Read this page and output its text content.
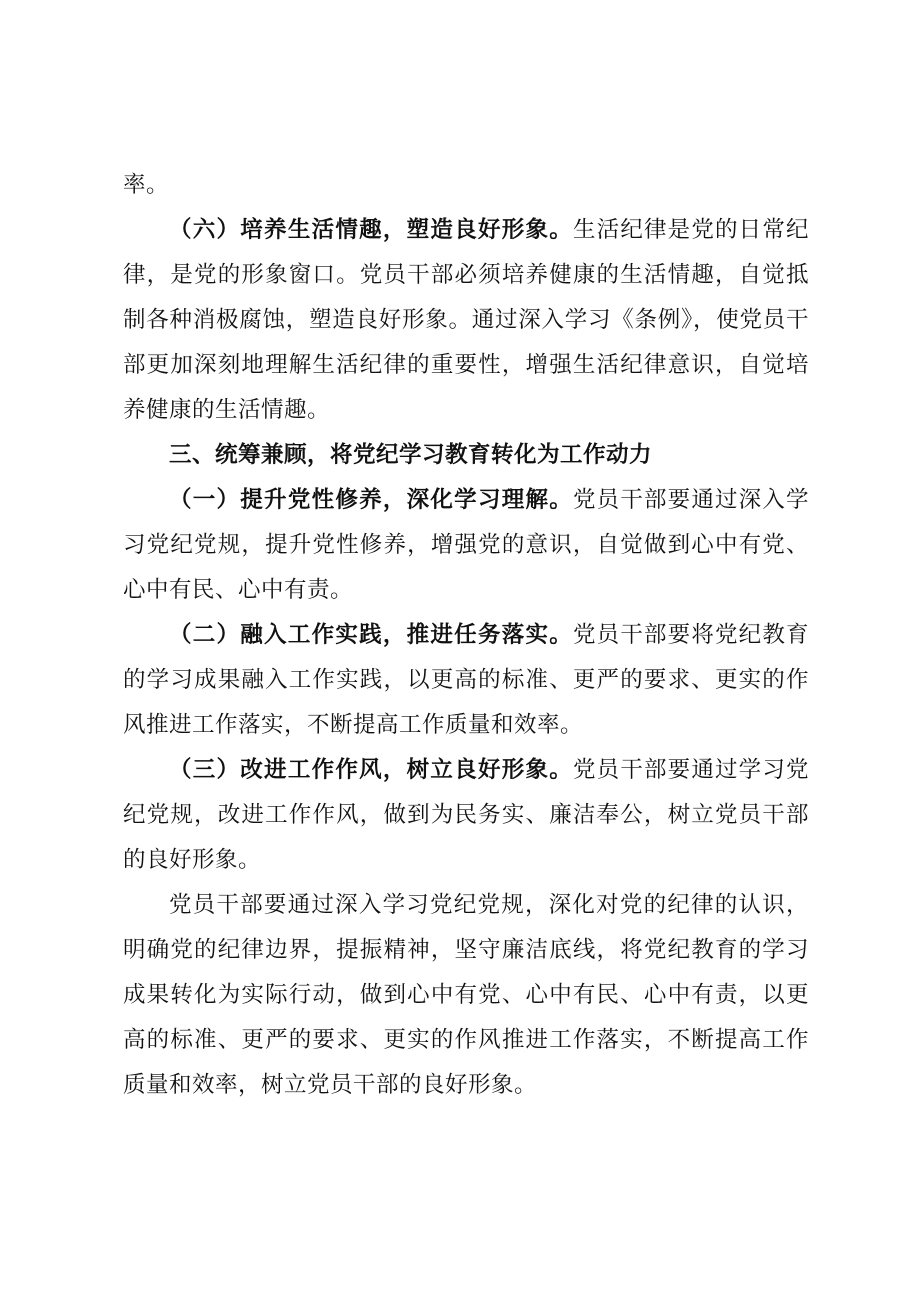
率。

（六）培养生活情趣，塑造良好形象。生活纪律是党的日常纪律，是党的形象窗口。党员干部必须培养健康的生活情趣，自觉抵制各种消极腐蚀，塑造良好形象。通过深入学习《条例》，使党员干部更加深刻地理解生活纪律的重要性，增强生活纪律意识，自觉培养健康的生活情趣。

三、统筹兼顾，将党纪学习教育转化为工作动力

（一）提升党性修养，深化学习理解。党员干部要通过深入学习党纪党规，提升党性修养，增强党的意识，自觉做到心中有党、心中有民、心中有责。

（二）融入工作实践，推进任务落实。党员干部要将党纪教育的学习成果融入工作实践，以更高的标准、更严的要求、更实的作风推进工作落实，不断提高工作质量和效率。

（三）改进工作作风，树立良好形象。党员干部要通过学习党纪党规，改进工作作风，做到为民务实、廉洁奉公，树立党员干部的良好形象。

党员干部要通过深入学习党纪党规，深化对党的纪律的认识，明确党的纪律边界，提振精神，坚守廉洁底线，将党纪教育的学习成果转化为实际行动，做到心中有党、心中有民、心中有责，以更高的标准、更严的要求、更实的作风推进工作落实，不断提高工作质量和效率，树立党员干部的良好形象。
